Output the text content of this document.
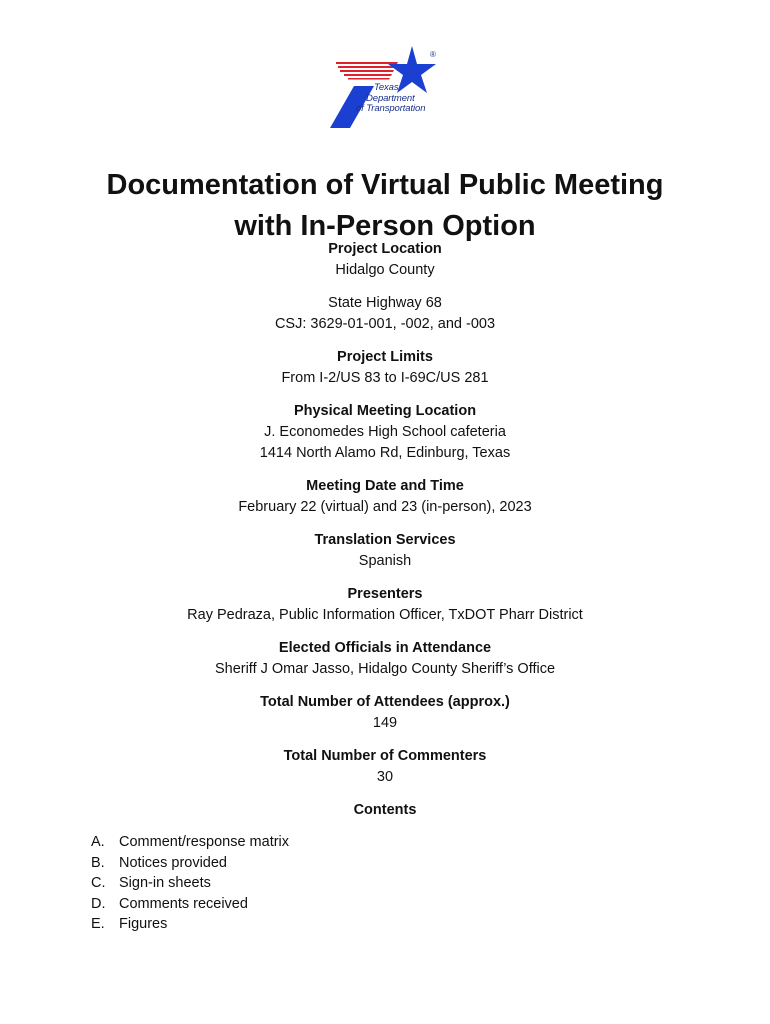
®
Texas
Department
of Transportation
Documentation of Virtual Public Meeting
with In-Person Option
Project Location
Hidalgo County
State Highway 68
CSJ: 3629-01-001, -002, and -003
Project Limits
From I-2/US 83 to I-69C/US 281
Physical Meeting Location
J. Economedes High School cafeteria
1414 North Alamo Rd, Edinburg, Texas
Meeting Date and Time
February 22 (virtual) and 23 (in-person), 2023
Translation Services
Spanish
Presenters
Ray Pedraza, Public Information Officer, TxDOT Pharr District
Elected Officials in Attendance
Sheriff J Omar Jasso, Hidalgo County Sheriff’s Office
Total Number of Attendees (approx.)
149
Total Number of Commenters
30
Contents
A. Comment/response matrix
B. Notices provided
C. Sign-in sheets
D. Comments received
E. Figures
